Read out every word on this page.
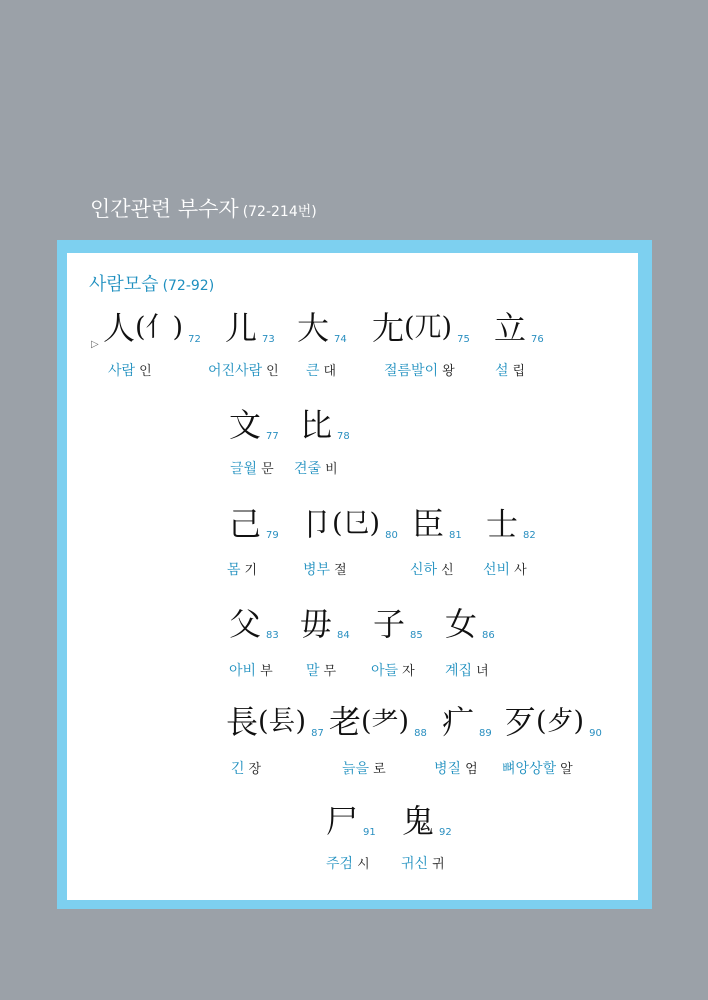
인간관련 부수자 (72-214번)
사람모습 (72-92)
▷ 人 (亻) 72
사람 인
儿 73
어진사람 인
大 74
큰 대
尢 (兀) 75
절름발이 왕
立 76
설 립
文 77
글월 문
比 78
견줄 비
己 79
몸 기
卩 (㔾) 80
병부 절
臣 81
신하 신
士 82
선비 사
父 83
아비 부
毋 84
말 무
子 85
아들 자
女 86
계집 녀
長 (镸) 87
긴 장
老 (耂) 88
늙을 로
疒 89
병질 엄
歹 (歺) 90
뼈앙상할 알
尸 91
주검 시
鬼 92
귀신 귀
